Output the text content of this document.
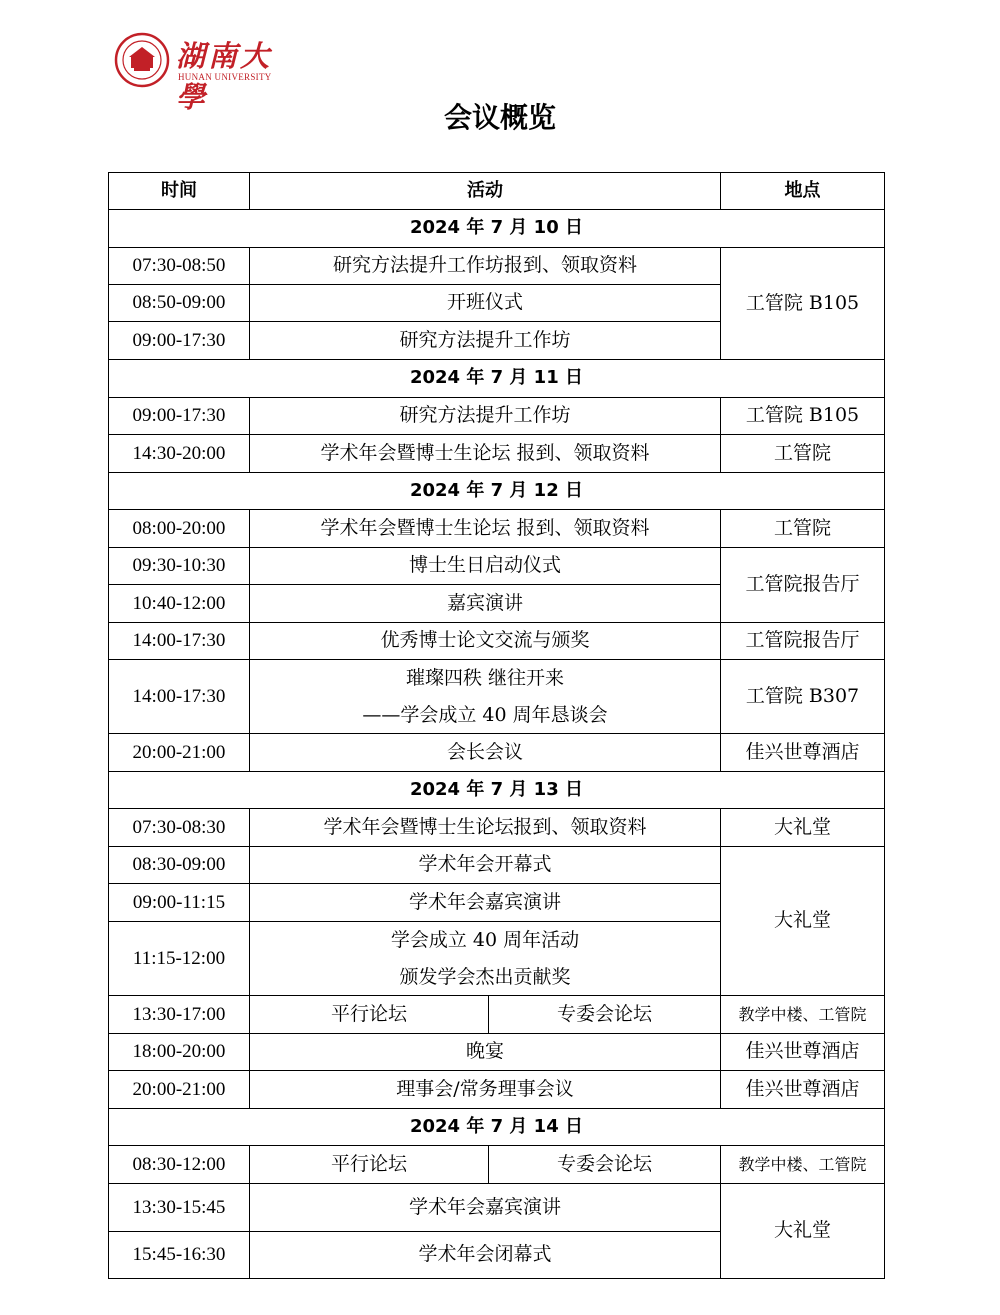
湖南大學
HUNAN UNIVERSITY
会议概览
时间	活动		地点
2024 年 7 月 10 日			
07:30-08:50	研究方法提升工作坊报到、领取资料		工管院 B105
08:50-09:00	开班仪式		
09:00-17:30	研究方法提升工作坊		
2024 年 7 月 11 日			
09:00-17:30	研究方法提升工作坊		工管院 B105
14:30-20:00	学术年会暨博士生论坛 报到、领取资料		工管院
2024 年 7 月 12 日			
08:00-20:00	学术年会暨博士生论坛 报到、领取资料		工管院
09:30-10:30	博士生日启动仪式		工管院报告厅
10:40-12:00	嘉宾演讲		
14:00-17:30	优秀博士论文交流与颁奖		工管院报告厅
14:00-17:30	璀璨四秩 继往开来
——学会成立 40 周年恳谈会		工管院 B307
20:00-21:00	会长会议		佳兴世尊酒店
2024 年 7 月 13 日			
07:30-08:30	学术年会暨博士生论坛报到、领取资料		大礼堂
08:30-09:00	学术年会开幕式		大礼堂
09:00-11:15	学术年会嘉宾演讲		
11:15-12:00	学会成立 40 周年活动
颁发学会杰出贡献奖		

13:30-17:00	平行论坛	专委会论坛	教学中楼、工管院
18:00-20:00	晚宴		佳兴世尊酒店
20:00-21:00	理事会/常务理事会议		佳兴世尊酒店
2024 年 7 月 14 日			
08:30-12:00	平行论坛	专委会论坛	教学中楼、工管院
13:30-15:45	学术年会嘉宾演讲		大礼堂
15:45-16:30	学术年会闭幕式		
